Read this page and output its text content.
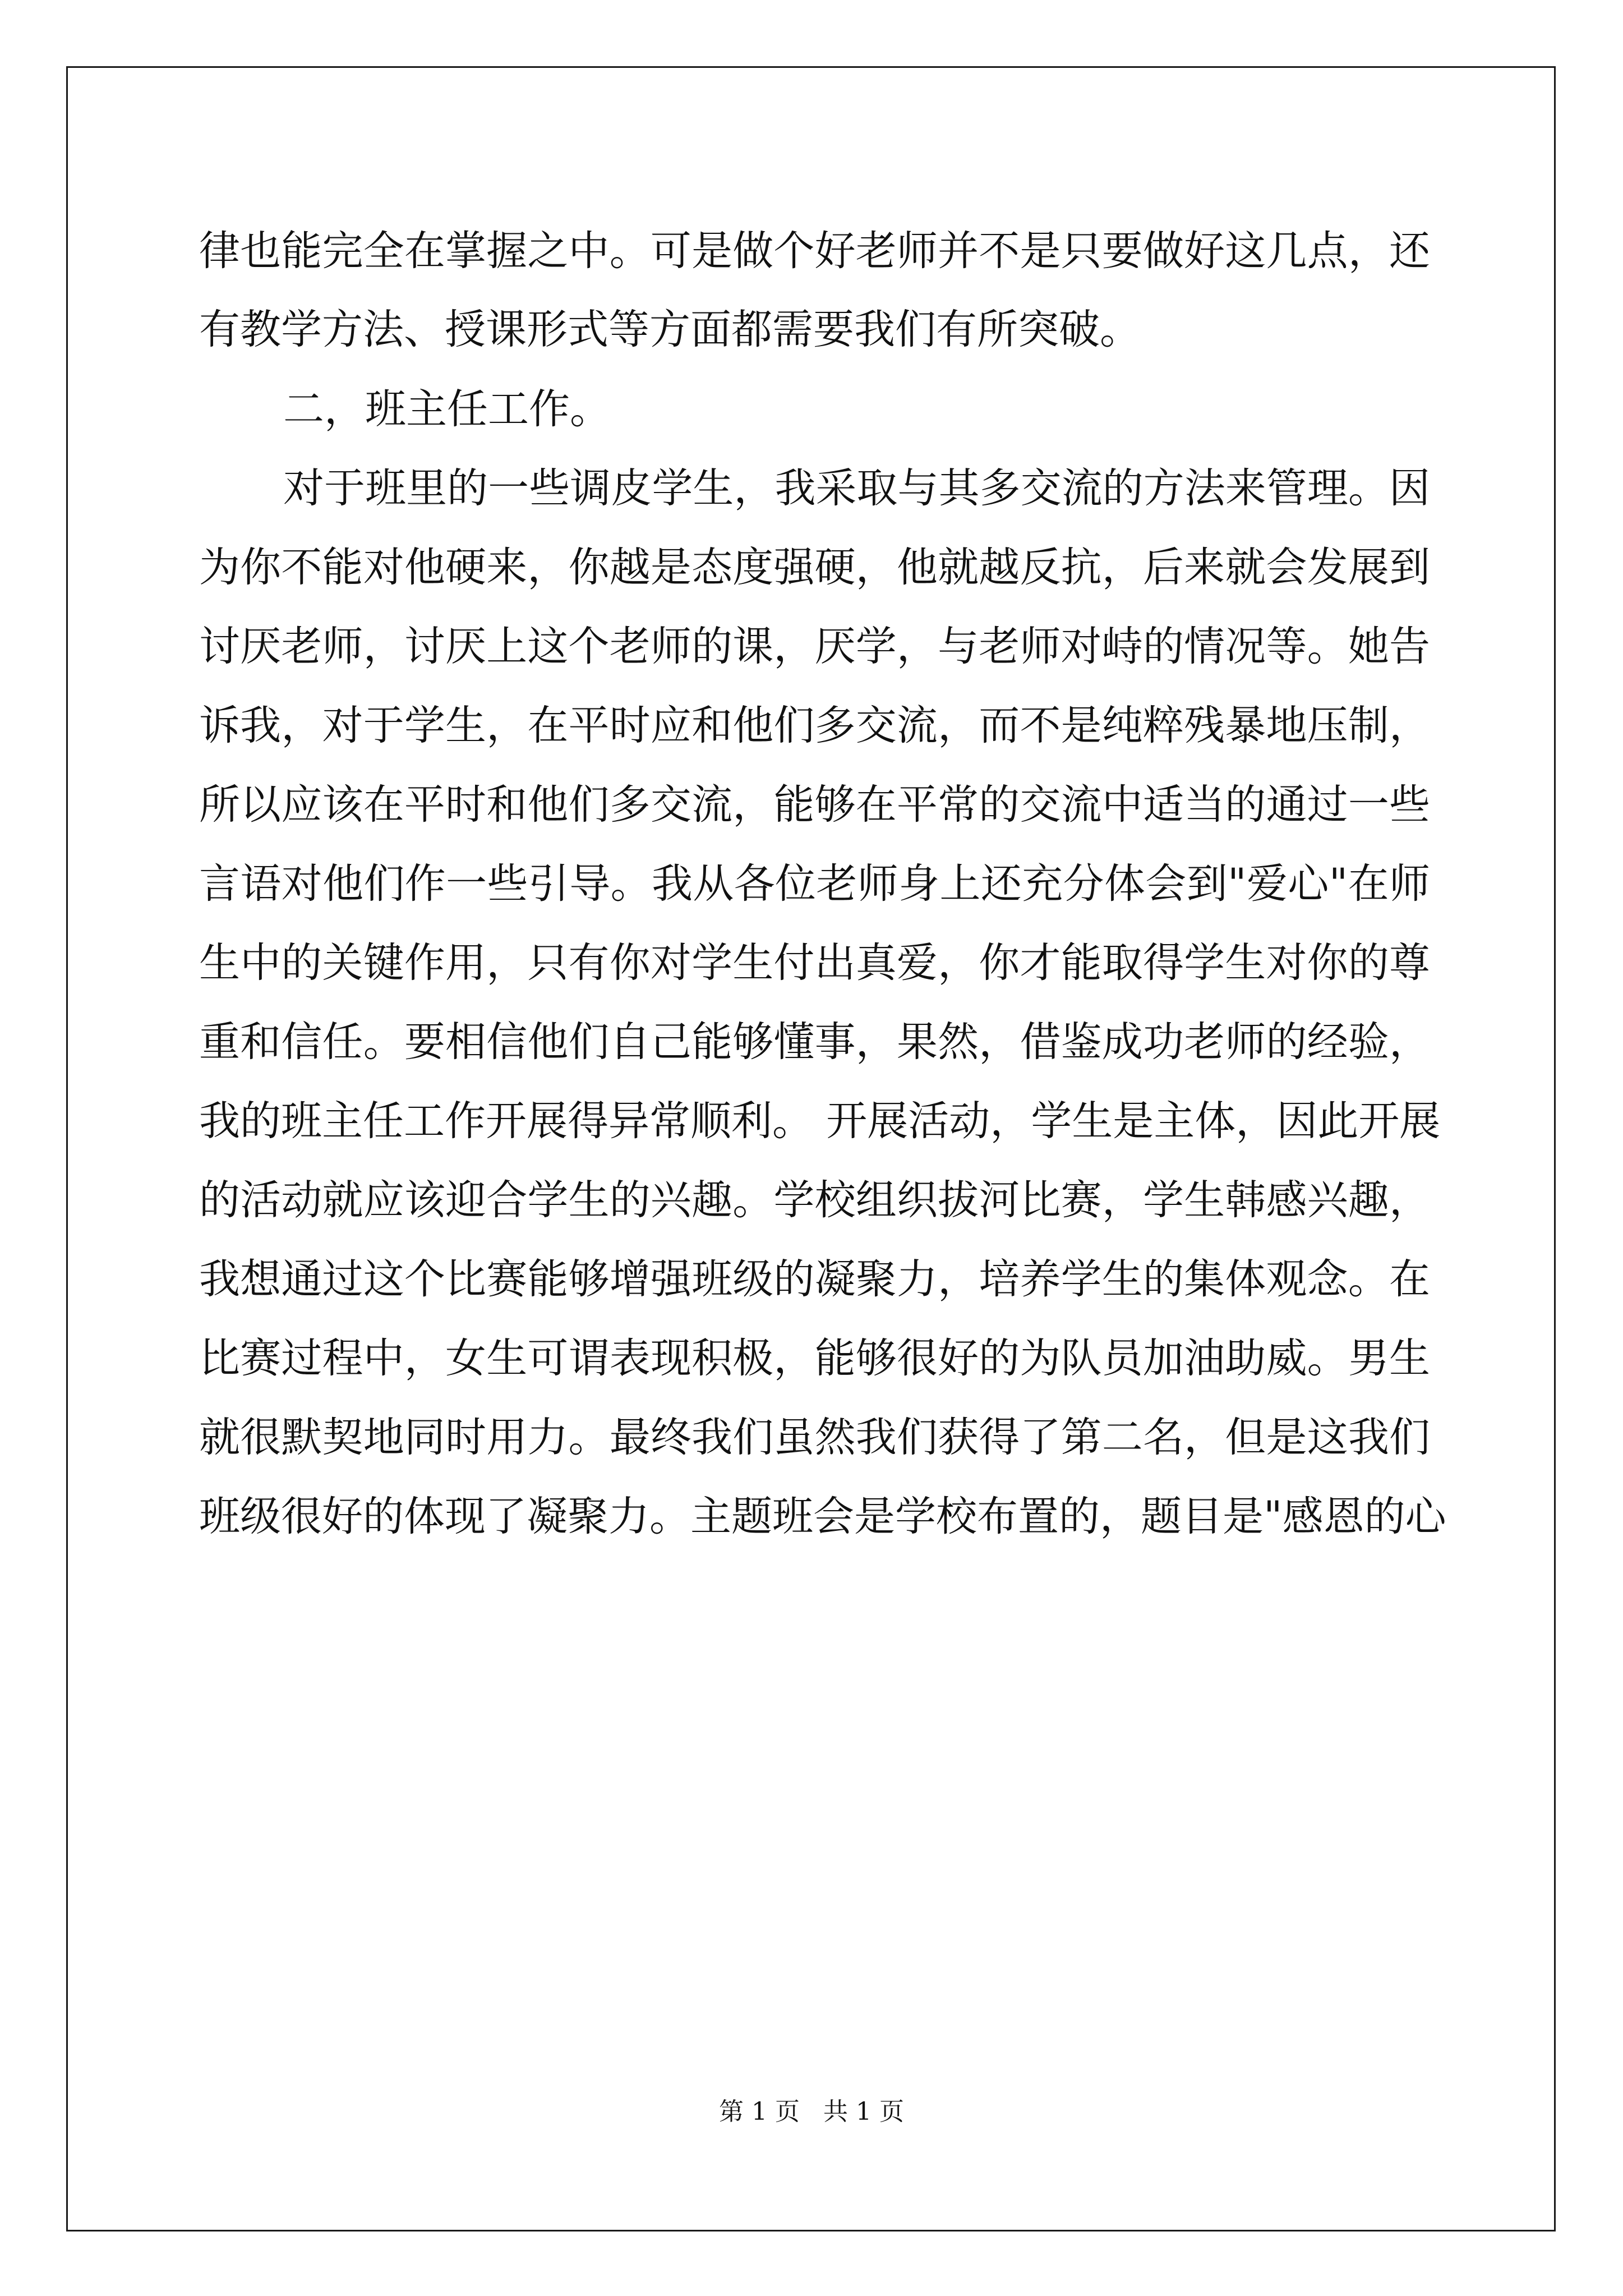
律也能完全在掌握之中。可是做个好老师并不是只要做好这几点，还

有教学方法、授课形式等方面都需要我们有所突破。

二，班主任工作。

对于班里的一些调皮学生，我采取与其多交流的方法来管理。因

为你不能对他硬来，你越是态度强硬，他就越反抗，后来就会发展到

讨厌老师，讨厌上这个老师的课，厌学，与老师对峙的情况等。她告

诉我，对于学生，在平时应和他们多交流，而不是纯粹残暴地压制，

所以应该在平时和他们多交流，能够在平常的交流中适当的通过一些

言语对他们作一些引导。我从各位老师身上还充分体会到"爱心"在师

生中的关键作用，只有你对学生付出真爱，你才能取得学生对你的尊

重和信任。要相信他们自己能够懂事，果然，借鉴成功老师的经验，

我的班主任工作开展得异常顺利。 开展活动，学生是主体，因此开展

的活动就应该迎合学生的兴趣。学校组织拔河比赛，学生韩感兴趣，

我想通过这个比赛能够增强班级的凝聚力，培养学生的集体观念。在

比赛过程中，女生可谓表现积极，能够很好的为队员加油助威。男生

就很默契地同时用力。最终我们虽然我们获得了第二名，但是这我们

班级很好的体现了凝聚力。主题班会是学校布置的，题目是"感恩的心

第 1 页   共 1 页
